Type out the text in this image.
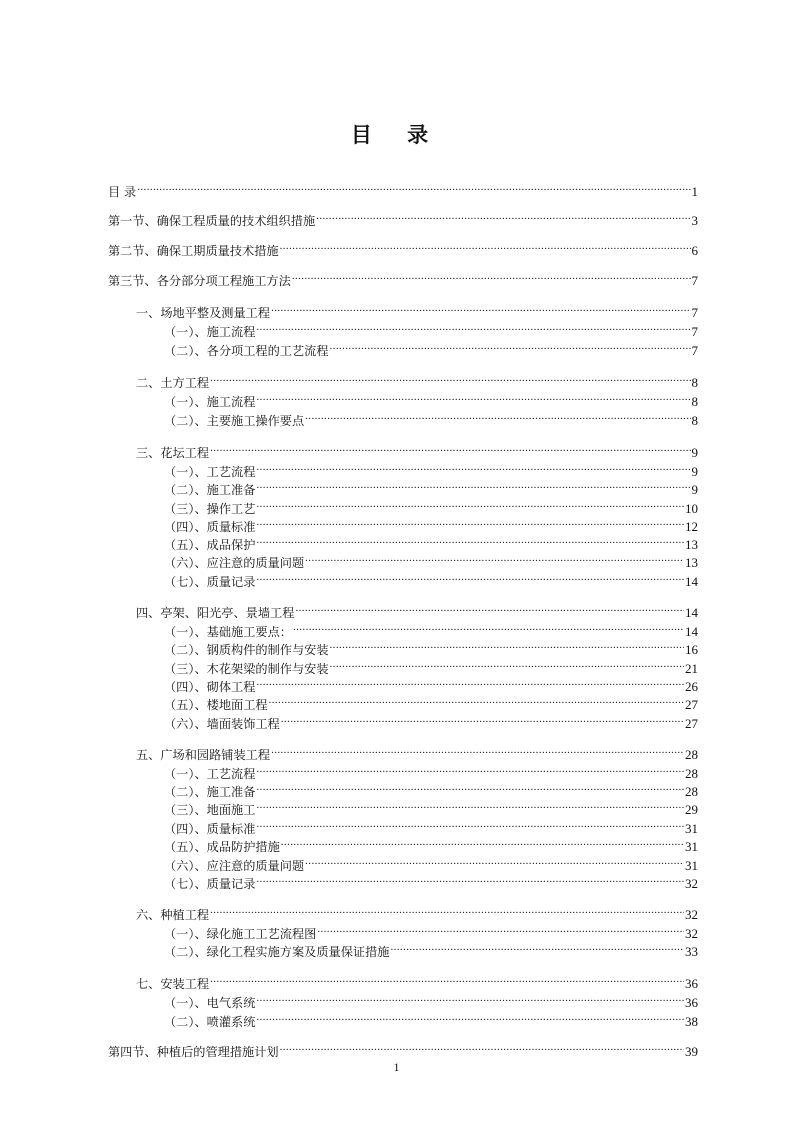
目 录
目 录 .....	1
第一节、确保工程质量的技术组织措施 .....	3
第二节、确保工期质量技术措施 .....	6
第三节、各分部分项工程施工方法 .....	7
一、场地平整及测量工程 .....	7
（一）、施工流程 .....	7
（二）、各分项工程的工艺流程 .....	7
二、土方工程 .....	8
（一）、施工流程 .....	8
（二）、主要施工操作要点 .....	8
三、花坛工程 .....	9
（一）、工艺流程 .....	9
（二）、施工准备 .....	9
（三）、操作工艺 .....	10
（四）、质量标准 .....	12
（五）、成品保护 .....	13
（六）、应注意的质量问题 .....	13
（七）、质量记录 .....	14
四、亭架、阳光亭、景墙工程 .....	14
（一）、基础施工要点： .....	14
（二）、钢质构件的制作与安装 .....	16
（三）、木花架梁的制作与安装 .....	21
（四）、砌体工程 .....	26
（五）、楼地面工程 .....	27
（六）、墙面装饰工程 .....	27
五、广场和园路铺装工程 .....	28
（一）、工艺流程 .....	28
（二）、施工准备 .....	28
（三）、地面施工 .....	29
（四）、质量标准 .....	31
（五）、成品防护措施 .....	31
（六）、应注意的质量问题 .....	31
（七）、质量记录 .....	32
六、种植工程 .....	32
（一）、绿化施工工艺流程图 .....	32
（二）、绿化工程实施方案及质量保证措施 .....	33
七、安装工程 .....	36
（一）、电气系统 .....	36
（二）、喷灌系统 .....	38
第四节、种植后的管理措施计划 .....	39
1
